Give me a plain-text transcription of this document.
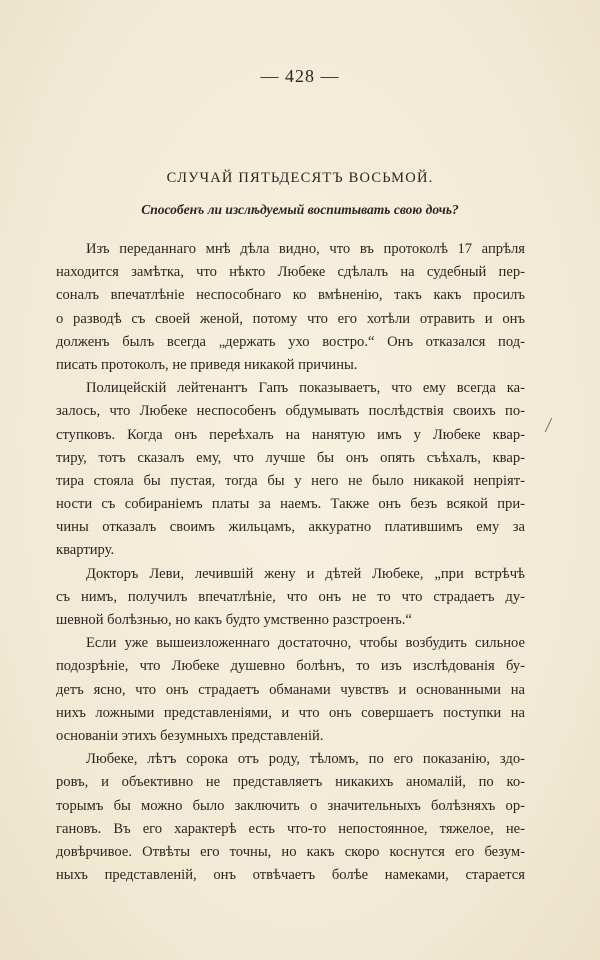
— 428 —
СЛУЧАЙ ПЯТЬДЕСЯТЪ ВОСЬМОЙ.
Способенъ ли изслѣдуемый воспитывать свою дочь?
Изъ переданнаго мнѣ дѣла видно, что въ протоколѣ 17 апрѣля
находится замѣтка, что нѣкто Любеке сдѣлалъ на судебный пер-
соналъ впечатлѣніе неспособнаго ко вмѣненію, такъ какъ просилъ
о разводѣ съ своей женой, потому что его хотѣли отравить и онъ
долженъ былъ всегда „держать ухо востро.“ Онъ отказался под-
писать протоколъ, не приведя никакой причины.
Полицейскій лейтенантъ Гапъ показываетъ, что ему всегда ка-
залось, что Любеке неспособенъ обдумывать послѣдствія своихъ по-
ступковъ. Когда онъ переѣхалъ на нанятую имъ у Любеке квар-
тиру, тотъ сказалъ ему, что лучше бы онъ опять съѣхалъ, квар-
тира стояла бы пустая, тогда бы у него не было никакой непріят-
ности съ собираніемъ платы за наемъ. Также онъ безъ всякой при-
чины отказалъ своимъ жильцамъ, аккуратно платившимъ ему за
квартиру.
Докторъ Леви, лечившій жену и дѣтей Любеке, „при встрѣчѣ
съ нимъ, получилъ впечатлѣніе, что онъ не то что страдаетъ ду-
шевной болѣзнью, но какъ будто умственно разстроенъ.“
Если уже вышеизложеннаго достаточно, чтобы возбудить сильное
подозрѣніе, что Любеке душевно болѣнъ, то изъ изслѣдованія бу-
детъ ясно, что онъ страдаетъ обманами чувствъ и основанными на
нихъ ложными представленіями, и что онъ совершаетъ поступки на
основаніи этихъ безумныхъ представленій.
Любеке, лѣтъ сорока отъ роду, тѣломъ, по его показанію, здо-
ровъ, и объективно не представляетъ никакихъ аномалій, по ко-
торымъ бы можно было заключить о значительныхъ болѣзняхъ ор-
гановъ. Въ его характерѣ есть что-то непостоянное, тяжелое, не-
довѣрчивое. Отвѣты его точны, но какъ скоро коснутся его безум-
ныхъ представленій, онъ отвѣчаетъ болѣе намеками, старается
